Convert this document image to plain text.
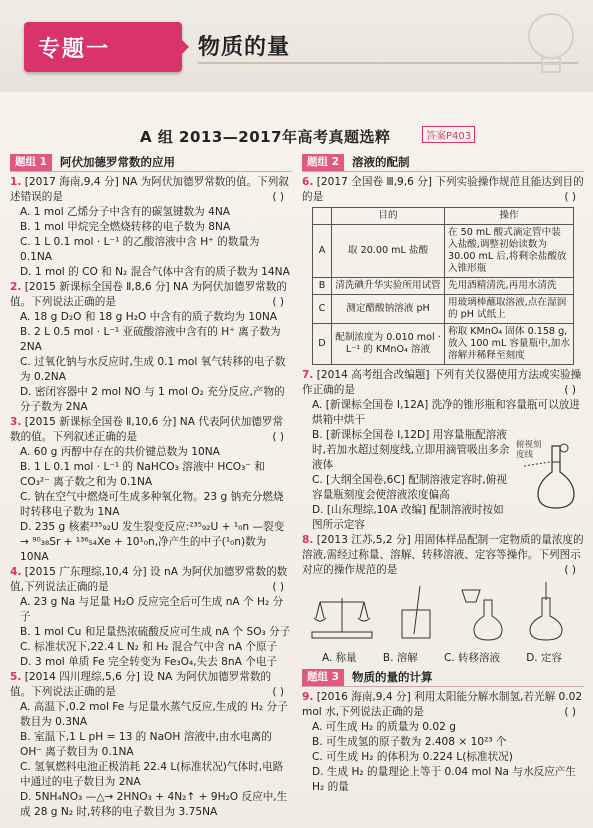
专题一	物质的量
A 组 2013—2017年高考真题选粹	答案P403
题组 1	阿伏加德罗常数的应用
1. [2017 海南,9,4 分] NA 为阿伏加德罗常数的值。下列叙述错误的是	( )
A. 1 mol 乙烯分子中含有的碳氢键数为 4NA
B. 1 mol 甲烷完全燃烧转移的电子数为 8NA
C. 1 L 0.1 mol · L⁻¹ 的乙酸溶液中含 H⁺ 的数量为 0.1NA
D. 1 mol 的 CO 和 N₂ 混合气体中含有的质子数为 14NA
2. [2015 新课标全国卷 Ⅱ,8,6 分] NA 为阿伏加德罗常数的值。下列说法正确的是	( )
A. 18 g D₂O 和 18 g H₂O 中含有的质子数均为 10NA
B. 2 L 0.5 mol · L⁻¹ 亚硫酸溶液中含有的 H⁺ 离子数为 2NA
C. 过氧化钠与水反应时,生成 0.1 mol 氧气转移的电子数为 0.2NA
D. 密闭容器中 2 mol NO 与 1 mol O₂ 充分反应,产物的分子数为 2NA
3. [2015 新课标全国卷 Ⅱ,10,6 分] NA 代表阿伏加德罗常数的值。下列叙述正确的是	( )
A. 60 g 丙醇中存在的共价键总数为 10NA
B. 1 L 0.1 mol · L⁻¹ 的 NaHCO₃ 溶液中 HCO₃⁻ 和 CO₃²⁻ 离子数之和为 0.1NA
C. 钠在空气中燃烧可生成多种氧化物。23 g 钠充分燃烧时转移电子数为 1NA
D. 235 g 核素²³⁵₉₂U 发生裂变反应:²³⁵₉₂U + ¹₀n —裂变→ ⁹⁰₃₈Sr + ¹³⁶₅₄Xe + 10¹₀n,净产生的中子(¹₀n)数为 10NA
4. [2015 广东理综,10,4 分] 设 nA 为阿伏加德罗常数的数值,下列说法正确的是	( )
A. 23 g Na 与足量 H₂O 反应完全后可生成 nA 个 H₂ 分子
B. 1 mol Cu 和足量热浓硫酸反应可生成 nA 个 SO₃ 分子
C. 标准状况下,22.4 L N₂ 和 H₂ 混合气中含 nA 个原子
D. 3 mol 单质 Fe 完全转变为 Fe₃O₄,失去 8nA 个电子
5. [2014 四川理综,5,6 分] 设 NA 为阿伏加德罗常数的值。下列说法正确的是	( )
A. 高温下,0.2 mol Fe 与足量水蒸气反应,生成的 H₂ 分子数目为 0.3NA
B. 室温下,1 L pH = 13 的 NaOH 溶液中,由水电离的 OH⁻ 离子数目为 0.1NA
C. 氢氧燃料电池正极消耗 22.4 L(标准状况)气体时,电路中通过的电子数目为 2NA
D. 5NH₄NO₃ —△→ 2HNO₃ + 4N₂↑ + 9H₂O 反应中,生成 28 g N₂ 时,转移的电子数目为 3.75NA
题组 2	溶液的配制
6. [2017 全国卷 Ⅲ,9,6 分] 下列实验操作规范且能达到目的的是	( )
	目的	操作
A	取 20.00 mL 盐酸	在 50 mL 酸式滴定管中装入盐酸,调整初始读数为 30.00 mL 后,将剩余盐酸放入锥形瓶
B	清洗碘升华实验所用试管	先用酒精清洗,再用水清洗
C	测定醋酸钠溶液 pH	用玻璃棒蘸取溶液,点在湿润的 pH 试纸上
D	配制浓度为 0.010 mol · L⁻¹ 的 KMnO₄ 溶液	称取 KMnO₄ 固体 0.158 g,放入 100 mL 容量瓶中,加水溶解并稀释至刻度
7. [2014 高考组合改编题] 下列有关仪器使用方法或实验操作正确的是	( )
A. [新课标全国卷 Ⅰ,12A] 洗净的锥形瓶和容量瓶可以放进烘箱中烘干
B. [新课标全国卷 Ⅰ,12D] 用容量瓶配溶液时,若加水超过刻度线,立即用滴管吸出多余液体
C. [大纲全国卷,6C] 配制溶液定容时,俯视容量瓶刻度会使溶液浓度偏高
D. [山东理综,10A 改编] 配制溶液时按如图所示定容
俯视刻度线
8. [2013 江苏,5,2 分] 用固体样品配制一定物质的量浓度的溶液,需经过称量、溶解、转移溶液、定容等操作。下列图示对应的操作规范的是	( )
A. 称量 B. 溶解 C. 转移溶液 D. 定容
题组 3	物质的量的计算
9. [2016 海南,9,4 分] 利用太阳能分解水制氢,若光解 0.02 mol 水,下列说法正确的是	( )
A. 可生成 H₂ 的质量为 0.02 g
B. 可生成氢的原子数为 2.408 × 10²³ 个
C. 可生成 H₂ 的体积为 0.224 L(标准状况)
D. 生成 H₂ 的量理论上等于 0.04 mol Na 与水反应产生 H₂ 的量
